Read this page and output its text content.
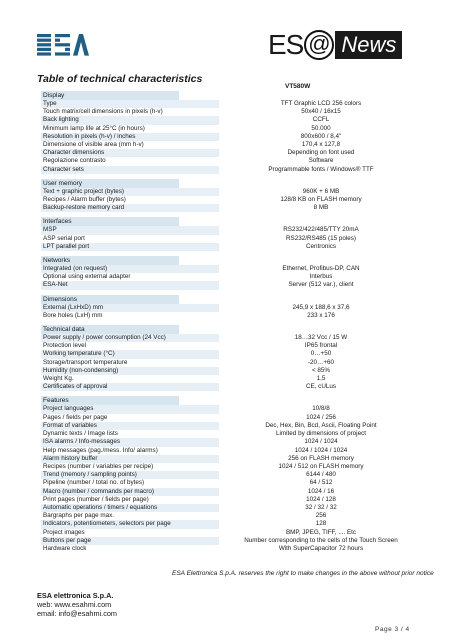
ES @ News
Table of technical characteristics
VT580W
Display
Type	TFT Graphic LCD 256 colors
Touch matrix/cell dimensions in pixels (h-v)	50x40 / 16x15
Back lighting	CCFL
Minimum lamp life at 25°C (in hours)	50.000
Resolution in pixels (h-v) / inches	800x600 / 8,4"
Dimensione of visible area (mm h-v)	170,4 x 127,8
Character dimensions	Depending on font used
Regolazione contrasto	Software
Character sets	Programmable fonts / Windows® TTF
User memory
Text + graphic project (bytes)	960K + 6 MB
Recipes / Alarm buffer (bytes)	128/8 KB on FLASH memory
Backup-restore memory card	8 MB
Interfaces
MSP	RS232/422/485/TTY 20mA
ASP serial port	RS232/RS485 (15 poles)
LPT parallel port	Centronics
Networks
Integrated (on request)	Ethernet, Profibus-DP, CAN
Optional using external adapter	Interbus
ESA-Net	Server (512 var.), client
Dimensions
External (LxHxD) mm	245,9 x 188,6 x 37,6
Bore holes (LxH) mm	233 x 176
Technical data
Power supply / power consumption (24 Vcc)	18…32 Vcc / 15 W
Protection level	IP65 frontal
Working temperature (°C)	0…+50
Storage/transport temperature	-20…+60
Humidity (non-condensing)	< 85%
Weight Kg.	1,5
Certificates of approval	CE, cULus
Features
Project languages	10/8/8
Pages / fields per page	1024 / 256
Format of variables	Dec, Hex, Bin, Bcd, Ascii, Floating Point
Dynamic texts / Image lists	Limited by dimensions of project
ISA alarms / Info-messages	1024 / 1024
Help messages (pag./mess. Info/ alarms)	1024 / 1024 / 1024
Alarm history buffer	256 on FLASH memory
Recipes (number / variables per recipe)	1024 / 512 on FLASH memory
Trend (memory / sampling points)	6144 / 480
Pipeline (number / total no. of bytes)	64 / 512
Macro (number / commands per macro)	1024 / 16
Print pages (number / fields per page)	1024 / 128
Automatic operations / timers / equations	32 / 32 / 32
Bargraphs per page max.	256
Indicators, potentiometers, selectors per page	128
Project images	BMP, JPEG, TIFF, .... Etc
Buttons per page	Number corresponding to the cells of the Touch Screen
Hardware clock	With SuperCapacitor 72 hours
ESA Elettronica S.p.A. reserves the right to make changes in the above without prior notice
ESA elettronica S.p.A.
web: www.esahmi.com
email: info@esahmi.com
Page 3 / 4
